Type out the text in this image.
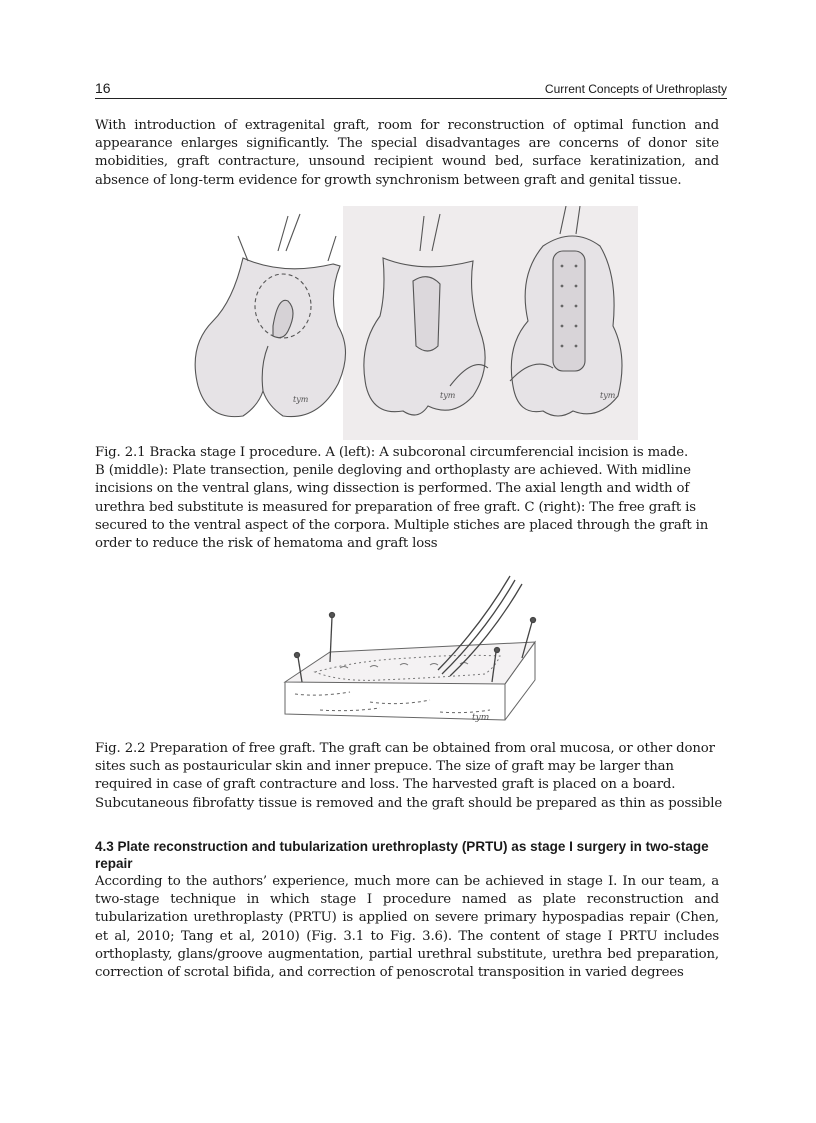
16	Current Concepts of Urethroplasty

With introduction of extragenital graft, room for reconstruction of optimal function and appearance enlarges significantly. The special disadvantages are concerns of donor site mobidities, graft contracture, unsound recipient wound bed, surface keratinization, and absence of long-term evidence for growth synchronism between graft and genital tissue.

tym	tym	tym
Fig. 2.1 Bracka stage I procedure. A (left): A subcoronal circumferencial incision is made.
B (middle): Plate transection, penile degloving and orthoplasty are achieved. With midline
incisions on the ventral glans, wing dissection is performed. The axial length and width of
urethra bed substitute is measured for preparation of free graft. C (right): The free graft is
secured to the ventral aspect of the corpora. Multiple stiches are placed through the graft in
order to reduce the risk of hematoma and graft loss
tym
Fig. 2.2 Preparation of free graft. The graft can be obtained from oral mucosa, or other donor
sites such as postauricular skin and inner prepuce. The size of graft may be larger than
required in case of graft contracture and loss. The harvested graft is placed on a board.
Subcutaneous fibrofatty tissue is removed and the graft should be prepared as thin as possible
4.3 Plate reconstruction and tubularization urethroplasty (PRTU) as stage I surgery in two-stage repair

According to the authors’ experience, much more can be achieved in stage I. In our team, a two-stage technique in which stage I procedure named as plate reconstruction and tubularization urethroplasty (PRTU) is applied on severe primary hypospadias repair (Chen, et al, 2010; Tang et al, 2010) (Fig. 3.1 to Fig. 3.6). The content of stage I PRTU includes orthoplasty, glans/groove augmentation, partial urethral substitute, urethra bed preparation, correction of scrotal bifida, and correction of penoscrotal transposition in varied degrees
